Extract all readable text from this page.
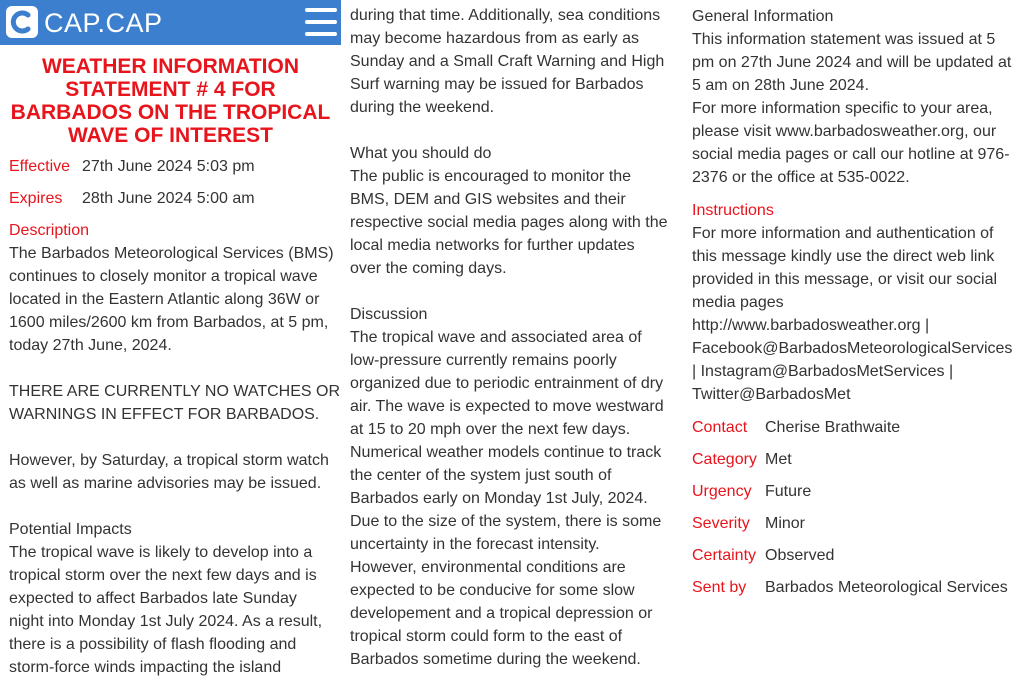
CAP.CAP
WEATHER INFORMATION
STATEMENT # 4 FOR
BARBADOS ON THE TROPICAL
WAVE OF INTEREST
Effective 27th June 2024 5:03 pm
Expires 28th June 2024 5:00 am
Description
The Barbados Meteorological Services (BMS)
continues to closely monitor a tropical wave
located in the Eastern Atlantic along 36W or
1600 miles/2600 km from Barbados, at 5 pm,
today 27th June, 2024.
THERE ARE CURRENTLY NO WATCHES OR
WARNINGS IN EFFECT FOR BARBADOS.
However, by Saturday, a tropical storm watch
as well as marine advisories may be issued.
Potential Impacts
The tropical wave is likely to develop into a
tropical storm over the next few days and is
expected to affect Barbados late Sunday
night into Monday 1st July 2024. As a result,
there is a possibility of flash flooding and
storm-force winds impacting the island
during that time. Additionally, sea conditions
may become hazardous from as early as
Sunday and a Small Craft Warning and High
Surf warning may be issued for Barbados
during the weekend.
What you should do
The public is encouraged to monitor the
BMS, DEM and GIS websites and their
respective social media pages along with the
local media networks for further updates
over the coming days.
Discussion
The tropical wave and associated area of
low-pressure currently remains poorly
organized due to periodic entrainment of dry
air. The wave is expected to move westward
at 15 to 20 mph over the next few days.
Numerical weather models continue to track
the center of the system just south of
Barbados early on Monday 1st July, 2024.
Due to the size of the system, there is some
uncertainty in the forecast intensity.
However, environmental conditions are
expected to be conducive for some slow
developement and a tropical depression or
tropical storm could form to the east of
Barbados sometime during the weekend.
General Information
This information statement was issued at 5
pm on 27th June 2024 and will be updated at
5 am on 28th June 2024.
For more information specific to your area,
please visit www.barbadosweather.org, our
social media pages or call our hotline at 976-
2376 or the office at 535-0022.
Instructions
For more information and authentication of
this message kindly use the direct web link
provided in this message, or visit our social
media pages
http://www.barbadosweather.org |
Facebook@BarbadosMeteorologicalServices
| Instagram@BarbadosMetServices |
Twitter@BarbadosMet
Contact Cherise Brathwaite
Category Met
Urgency Future
Severity Minor
Certainty Observed
Sent by Barbados Meteorological Services
